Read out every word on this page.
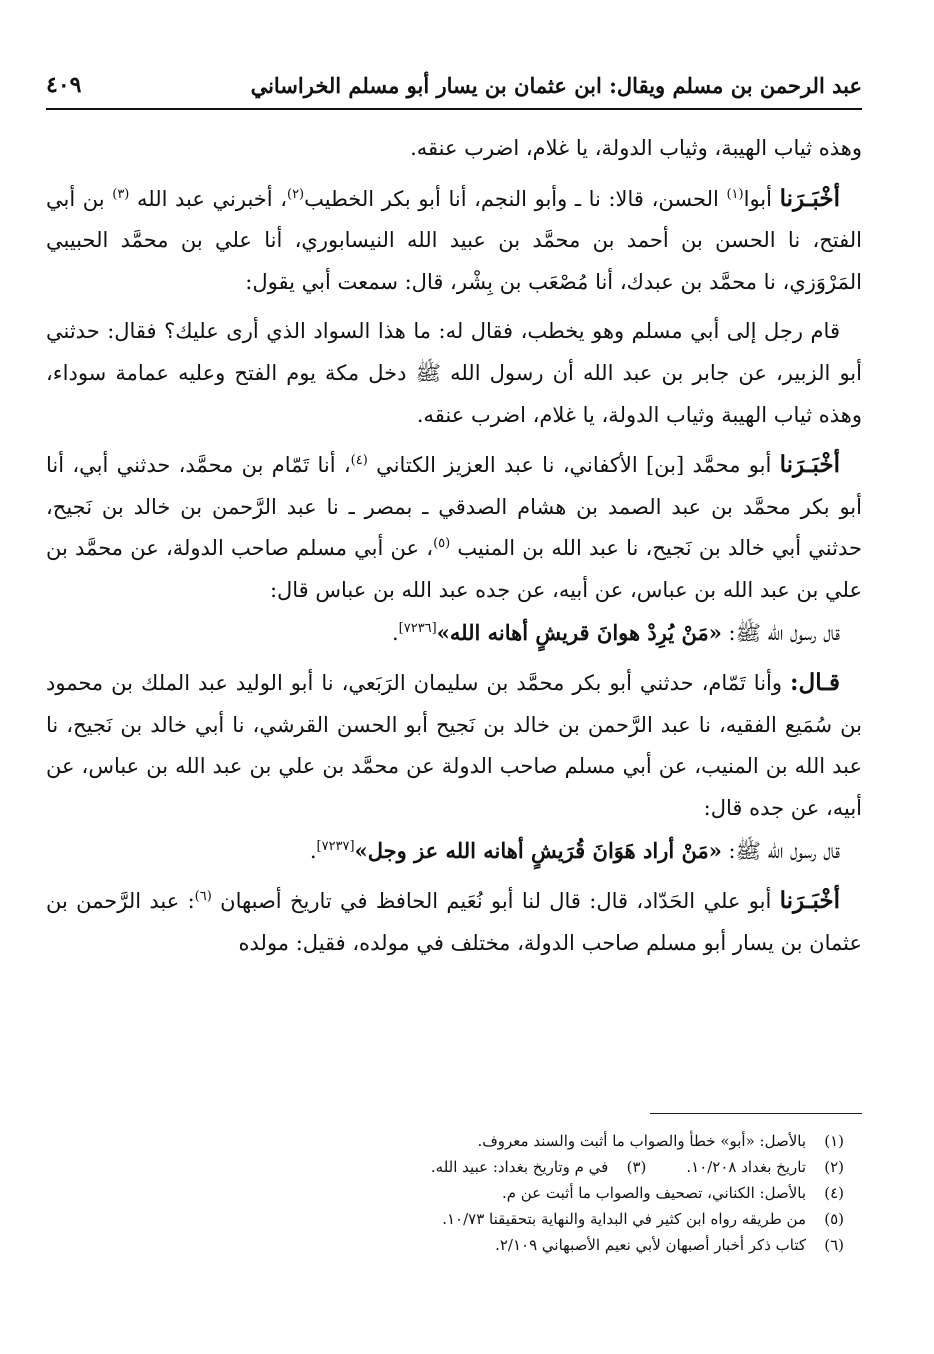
عبد الرحمن بن مسلم ويقال: ابن عثمان بن يسار أبو مسلم الخراساني
٤٠٩

وهذه ثياب الهيبة، وثياب الدولة، يا غلام، اضرب عنقه.

أخْبَـرَنا أبوا$^{(١)}$ الحسن، قالا: نا ـ وأبو النجم، أنا أبو بكر الخطيب$^{(٢)}$، أخبرني عبد الله $^{(٣)}$ بن أبي الفتح، نا الحسن بن أحمد بن محمَّد بن عبيد الله النيسابوري، أنا علي بن محمَّد الحبيبي المَرْوَزي، نا محمَّد بن عبدك، أنا مُصْعَب بن بِشْر، قال: سمعت أبي يقول:

قام رجل إلى أبي مسلم وهو يخطب، فقال له: ما هذا السواد الذي أرى عليك؟ فقال: حدثني أبو الزبير، عن جابر بن عبد الله أن رسول الله ﷺ دخل مكة يوم الفتح وعليه عمامة سوداء، وهذه ثياب الهيبة وثياب الدولة، يا غلام، اضرب عنقه.

أخْبَـرَنا أبو محمَّد [بن] الأكفاني، نا عبد العزيز الكتاني $^{(٤)}$، أنا تَمّام بن محمَّد، حدثني أبي، أنا أبو بكر محمَّد بن عبد الصمد بن هشام الصدقي ـ بمصر ـ نا عبد الرَّحمن بن خالد بن نَجيح، حدثني أبي خالد بن نَجيح، نا عبد الله بن المنيب $^{(٥)}$، عن أبي مسلم صاحب الدولة، عن محمَّد بن علي بن عبد الله بن عباس، عن أبيه، عن جده عبد الله بن عباس قال:

قال رسول الله ﷺ: «مَنْ يُرِدْ هوانَ قريشٍ أهانه الله»[٧٢٣٦].

قـال: وأنا تَمّام، حدثني أبو بكر محمَّد بن سليمان الرَبَعي، نا أبو الوليد عبد الملك بن محمود بن سُمَيع الفقيه، نا عبد الرَّحمن بن خالد بن نَجيح أبو الحسن القرشي، نا أبي خالد بن نَجيح، نا عبد الله بن المنيب، عن أبي مسلم صاحب الدولة عن محمَّد بن علي بن عبد الله بن عباس، عن أبيه، عن جده قال:

قال رسول الله ﷺ: «مَنْ أراد هَوَانَ قُرَيشٍ أهانه الله عز وجل»[٧٢٣٧].

أخْبَـرَنا أبو علي الحَدّاد، قال: قال لنا أبو نُعَيم الحافظ في تاريخ أصبهان $^{(٦)}$: عبد الرَّحمن بن عثمان بن يسار أبو مسلم صاحب الدولة، مختلف في مولده، فقيل: مولده

(١)
بالأصل: «أبو» خطأ والصواب ما أثبت والسند معروف.
(٢)
تاريخ بغداد ١٠/٢٠٨.
(٣)
في م وتاريخ بغداد: عبيد الله.
(٤)
بالأصل: الكناني، تصحيف والصواب ما أثبت عن م.
(٥)
من طريقه رواه ابن كثير في البداية والنهاية بتحقيقنا ١٠/٧٣.
(٦)
كتاب ذكر أخبار أصبهان لأبي نعيم الأصبهاني ٢/١٠٩.
